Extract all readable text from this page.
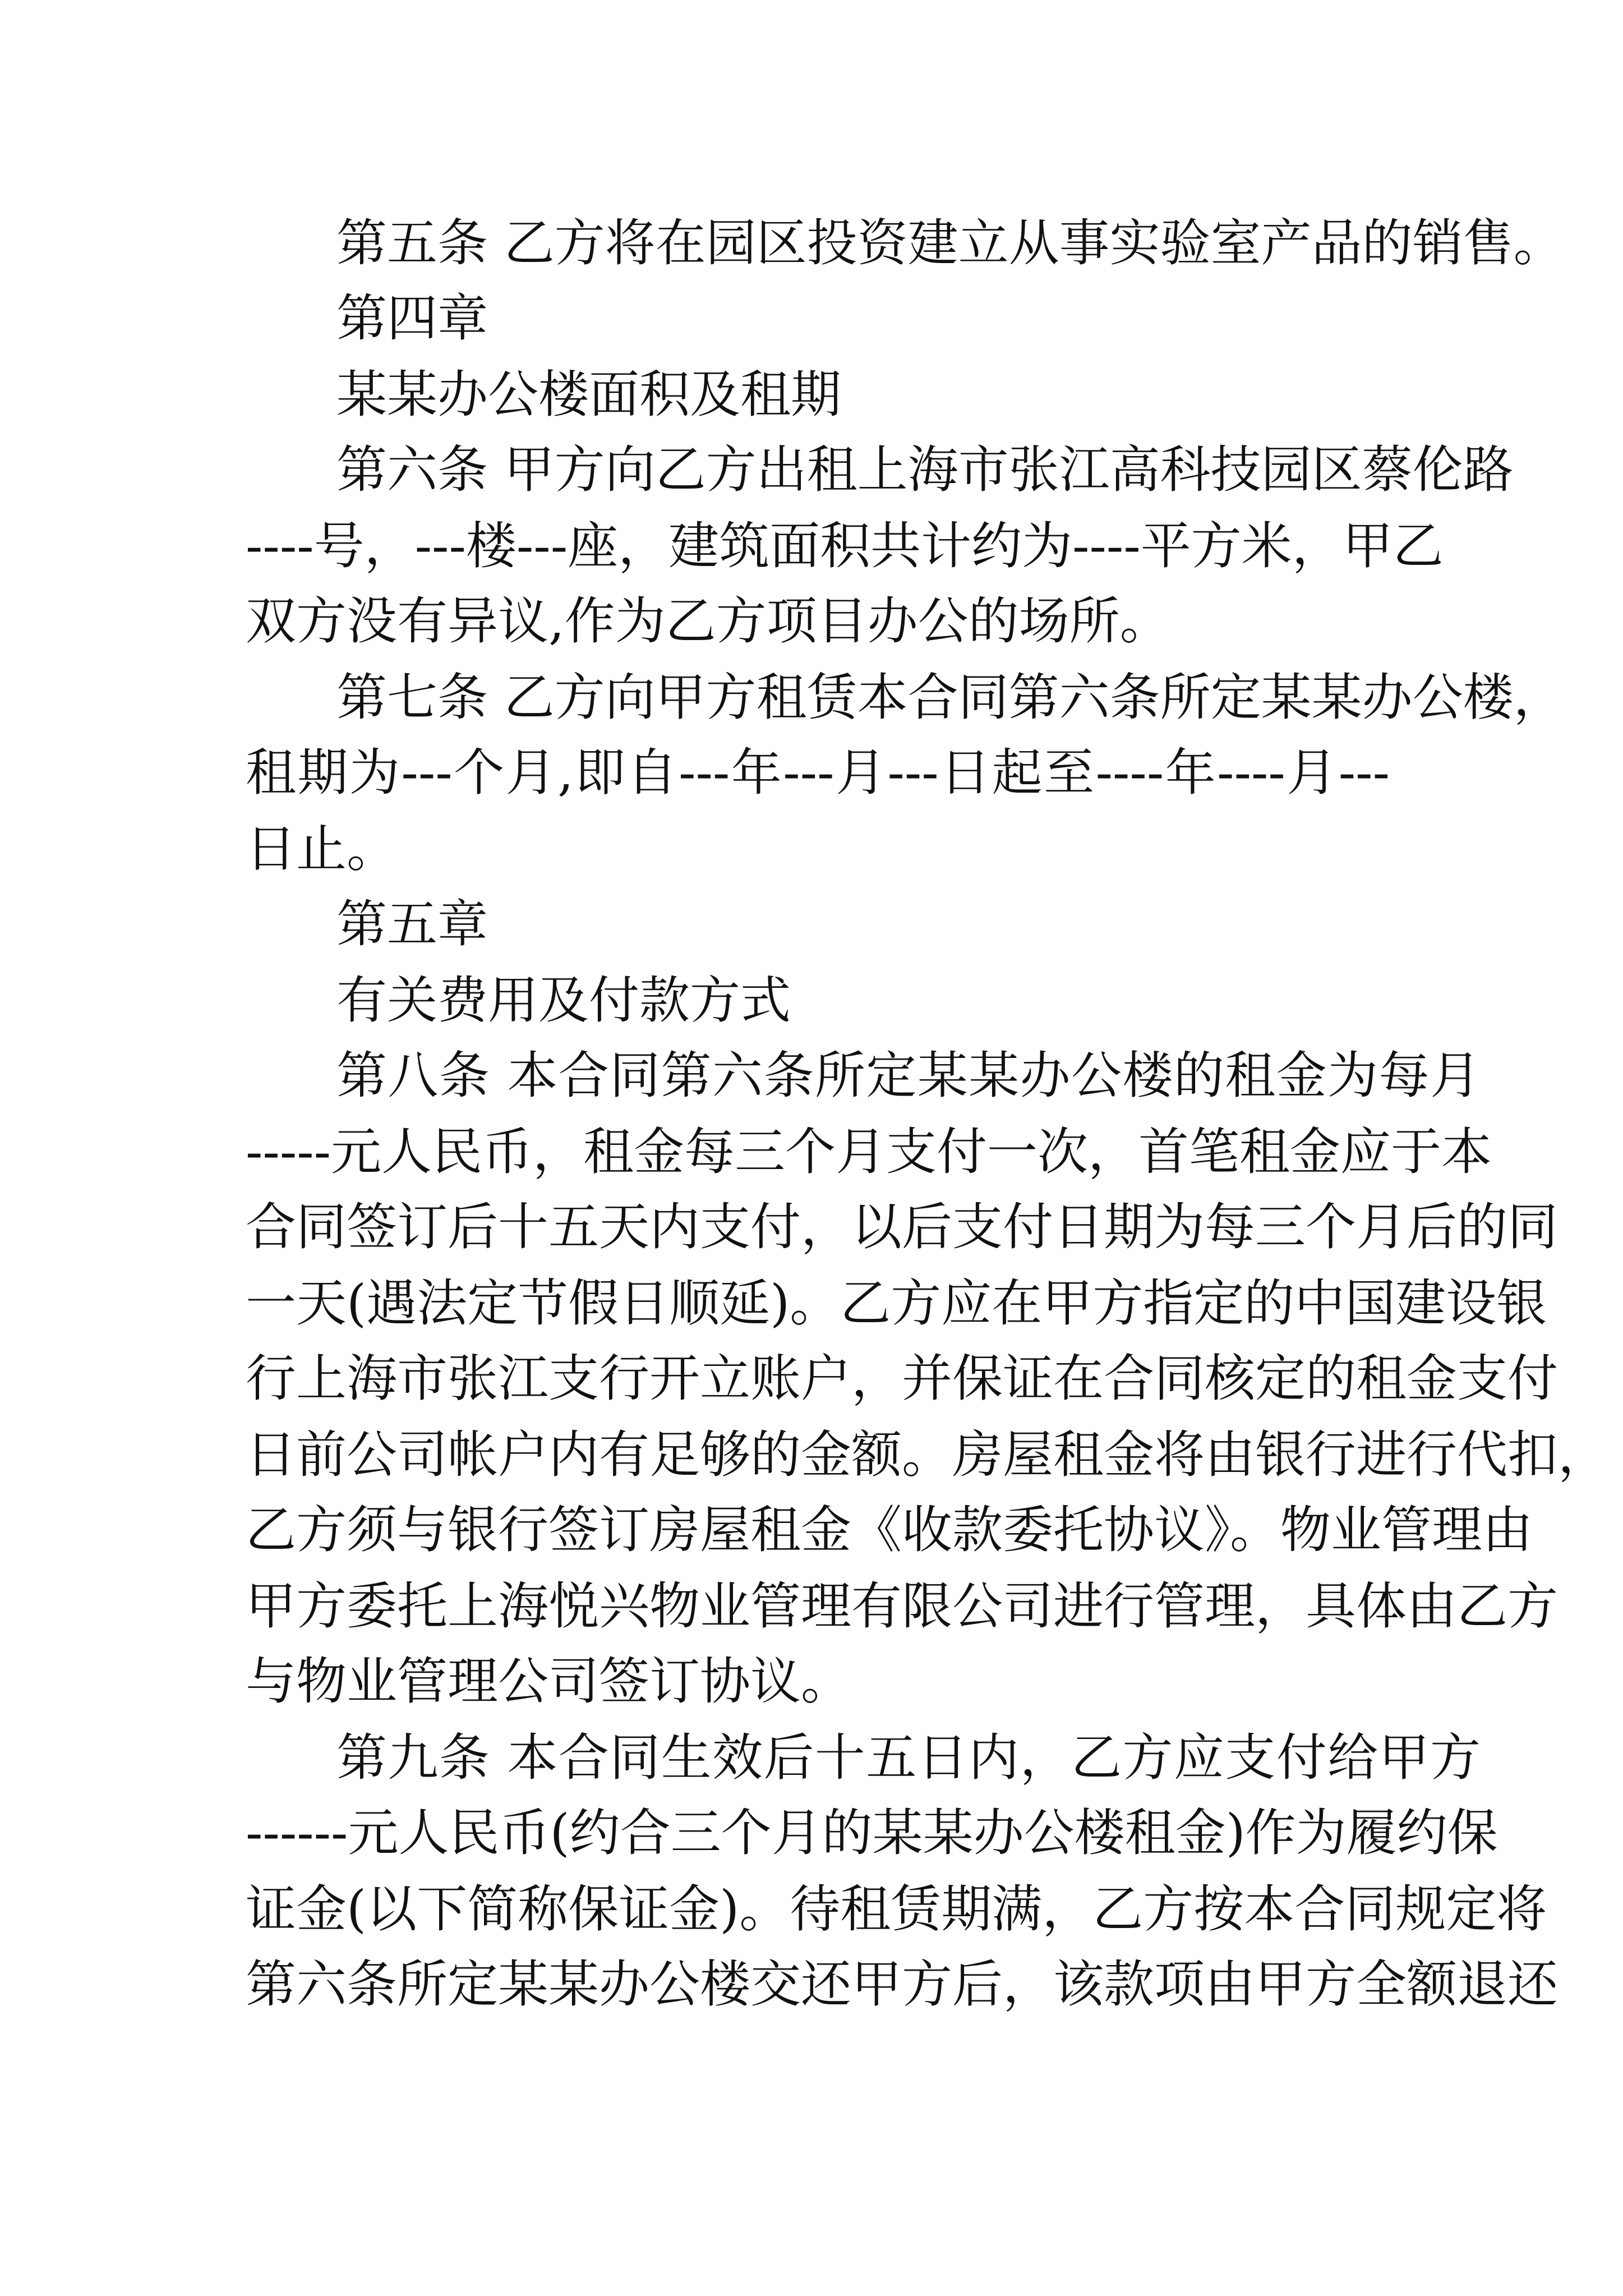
第五条 乙方将在园区投资建立从事实验室产品的销售。

第四章

某某办公楼面积及租期

第六条 甲方向乙方出租上海市张江高科技园区蔡伦路

----号，---楼---座，建筑面积共计约为----平方米，甲乙

双方没有异议,作为乙方项目办公的场所。

第七条 乙方向甲方租赁本合同第六条所定某某办公楼，

租期为---个月,即自---年---月---日起至----年----月---

日止。

第五章

有关费用及付款方式

第八条 本合同第六条所定某某办公楼的租金为每月

-----元人民币，租金每三个月支付一次，首笔租金应于本

合同签订后十五天内支付，以后支付日期为每三个月后的同

一天(遇法定节假日顺延)。乙方应在甲方指定的中国建设银

行上海市张江支行开立账户，并保证在合同核定的租金支付

日前公司帐户内有足够的金额。房屋租金将由银行进行代扣，

乙方须与银行签订房屋租金《收款委托协议》。物业管理由

甲方委托上海悦兴物业管理有限公司进行管理，具体由乙方

与物业管理公司签订协议。

第九条 本合同生效后十五日内，乙方应支付给甲方

------元人民币(约合三个月的某某办公楼租金)作为履约保

证金(以下简称保证金)。待租赁期满，乙方按本合同规定将

第六条所定某某办公楼交还甲方后，该款项由甲方全额退还
